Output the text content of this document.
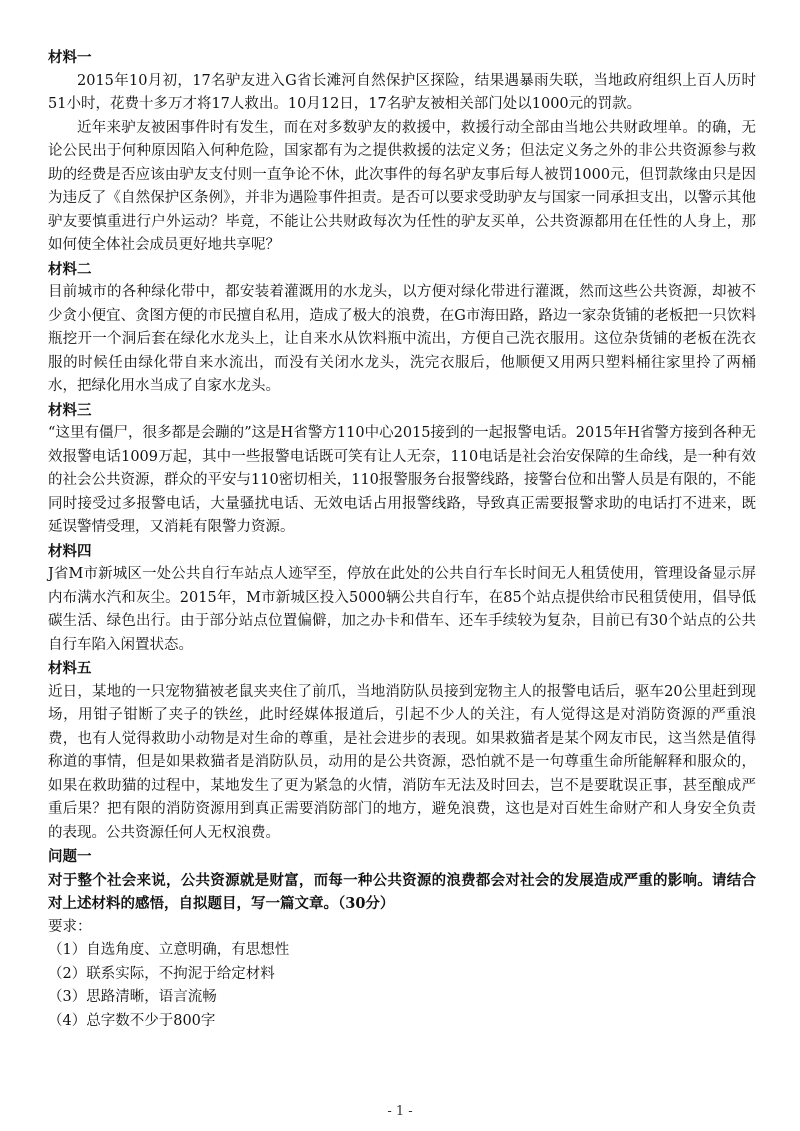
材料一

2015年10月初，17名驴友进入G省长滩河自然保护区探险，结果遇暴雨失联，当地政府组织上百人历时51小时，花费十多万才将17人救出。10月12日，17名驴友被相关部门处以1000元的罚款。

近年来驴友被困事件时有发生，而在对多数驴友的救援中，救援行动全部由当地公共财政埋单。的确，无论公民出于何种原因陷入何种危险，国家都有为之提供救援的法定义务；但法定义务之外的非公共资源参与救助的经费是否应该由驴友支付则一直争论不休，此次事件的每名驴友事后每人被罚1000元，但罚款缘由只是因为违反了《自然保护区条例》，并非为遇险事件担责。是否可以要求受助驴友与国家一同承担支出，以警示其他驴友要慎重进行户外运动？毕竟，不能让公共财政每次为任性的驴友买单，公共资源都用在任性的人身上，那如何使全体社会成员更好地共享呢？

材料二

目前城市的各种绿化带中，都安装着灌溉用的水龙头，以方便对绿化带进行灌溉，然而这些公共资源，却被不少贪小便宜、贪图方便的市民擅自私用，造成了极大的浪费，在G市海田路，路边一家杂货铺的老板把一只饮料瓶挖开一个洞后套在绿化水龙头上，让自来水从饮料瓶中流出，方便自己洗衣服用。这位杂货铺的老板在洗衣服的时候任由绿化带自来水流出，而没有关闭水龙头，洗完衣服后，他顺便又用两只塑料桶往家里拎了两桶水，把绿化用水当成了自家水龙头。

材料三

“这里有僵尸，很多都是会蹦的”这是H省警方110中心2015接到的一起报警电话。2015年H省警方接到各种无效报警电话1009万起，其中一些报警电话既可笑有让人无奈，110电话是社会治安保障的生命线，是一种有效的社会公共资源，群众的平安与110密切相关，110报警服务台报警线路，接警台位和出警人员是有限的，不能同时接受过多报警电话，大量骚扰电话、无效电话占用报警线路，导致真正需要报警求助的电话打不进来，既延误警情受理，又消耗有限警力资源。

材料四

J省M市新城区一处公共自行车站点人迹罕至，停放在此处的公共自行车长时间无人租赁使用，管理设备显示屏内布满水汽和灰尘。2015年，M市新城区投入5000辆公共自行车，在85个站点提供给市民租赁使用，倡导低碳生活、绿色出行。由于部分站点位置偏僻，加之办卡和借车、还车手续较为复杂，目前已有30个站点的公共自行车陷入闲置状态。

材料五

近日，某地的一只宠物猫被老鼠夹夹住了前爪，当地消防队员接到宠物主人的报警电话后，驱车20公里赶到现场，用钳子钳断了夹子的铁丝，此时经媒体报道后，引起不少人的关注，有人觉得这是对消防资源的严重浪费，也有人觉得救助小动物是对生命的尊重，是社会进步的表现。如果救猫者是某个网友市民，这当然是值得称道的事情，但是如果救猫者是消防队员，动用的是公共资源，恐怕就不是一句尊重生命所能解释和服众的，如果在救助猫的过程中，某地发生了更为紧急的火情，消防车无法及时回去，岂不是要耽误正事，甚至酿成严重后果？把有限的消防资源用到真正需要消防部门的地方，避免浪费，这也是对百姓生命财产和人身安全负责的表现。公共资源任何人无权浪费。

问题一

对于整个社会来说，公共资源就是财富，而每一种公共资源的浪费都会对社会的发展造成严重的影响。请结合对上述材料的感悟，自拟题目，写一篇文章。（30分）

要求：

（1）自选角度、立意明确，有思想性

（2）联系实际，不拘泥于给定材料

（3）思路清晰，语言流畅

（4）总字数不少于800字

- 1 -
